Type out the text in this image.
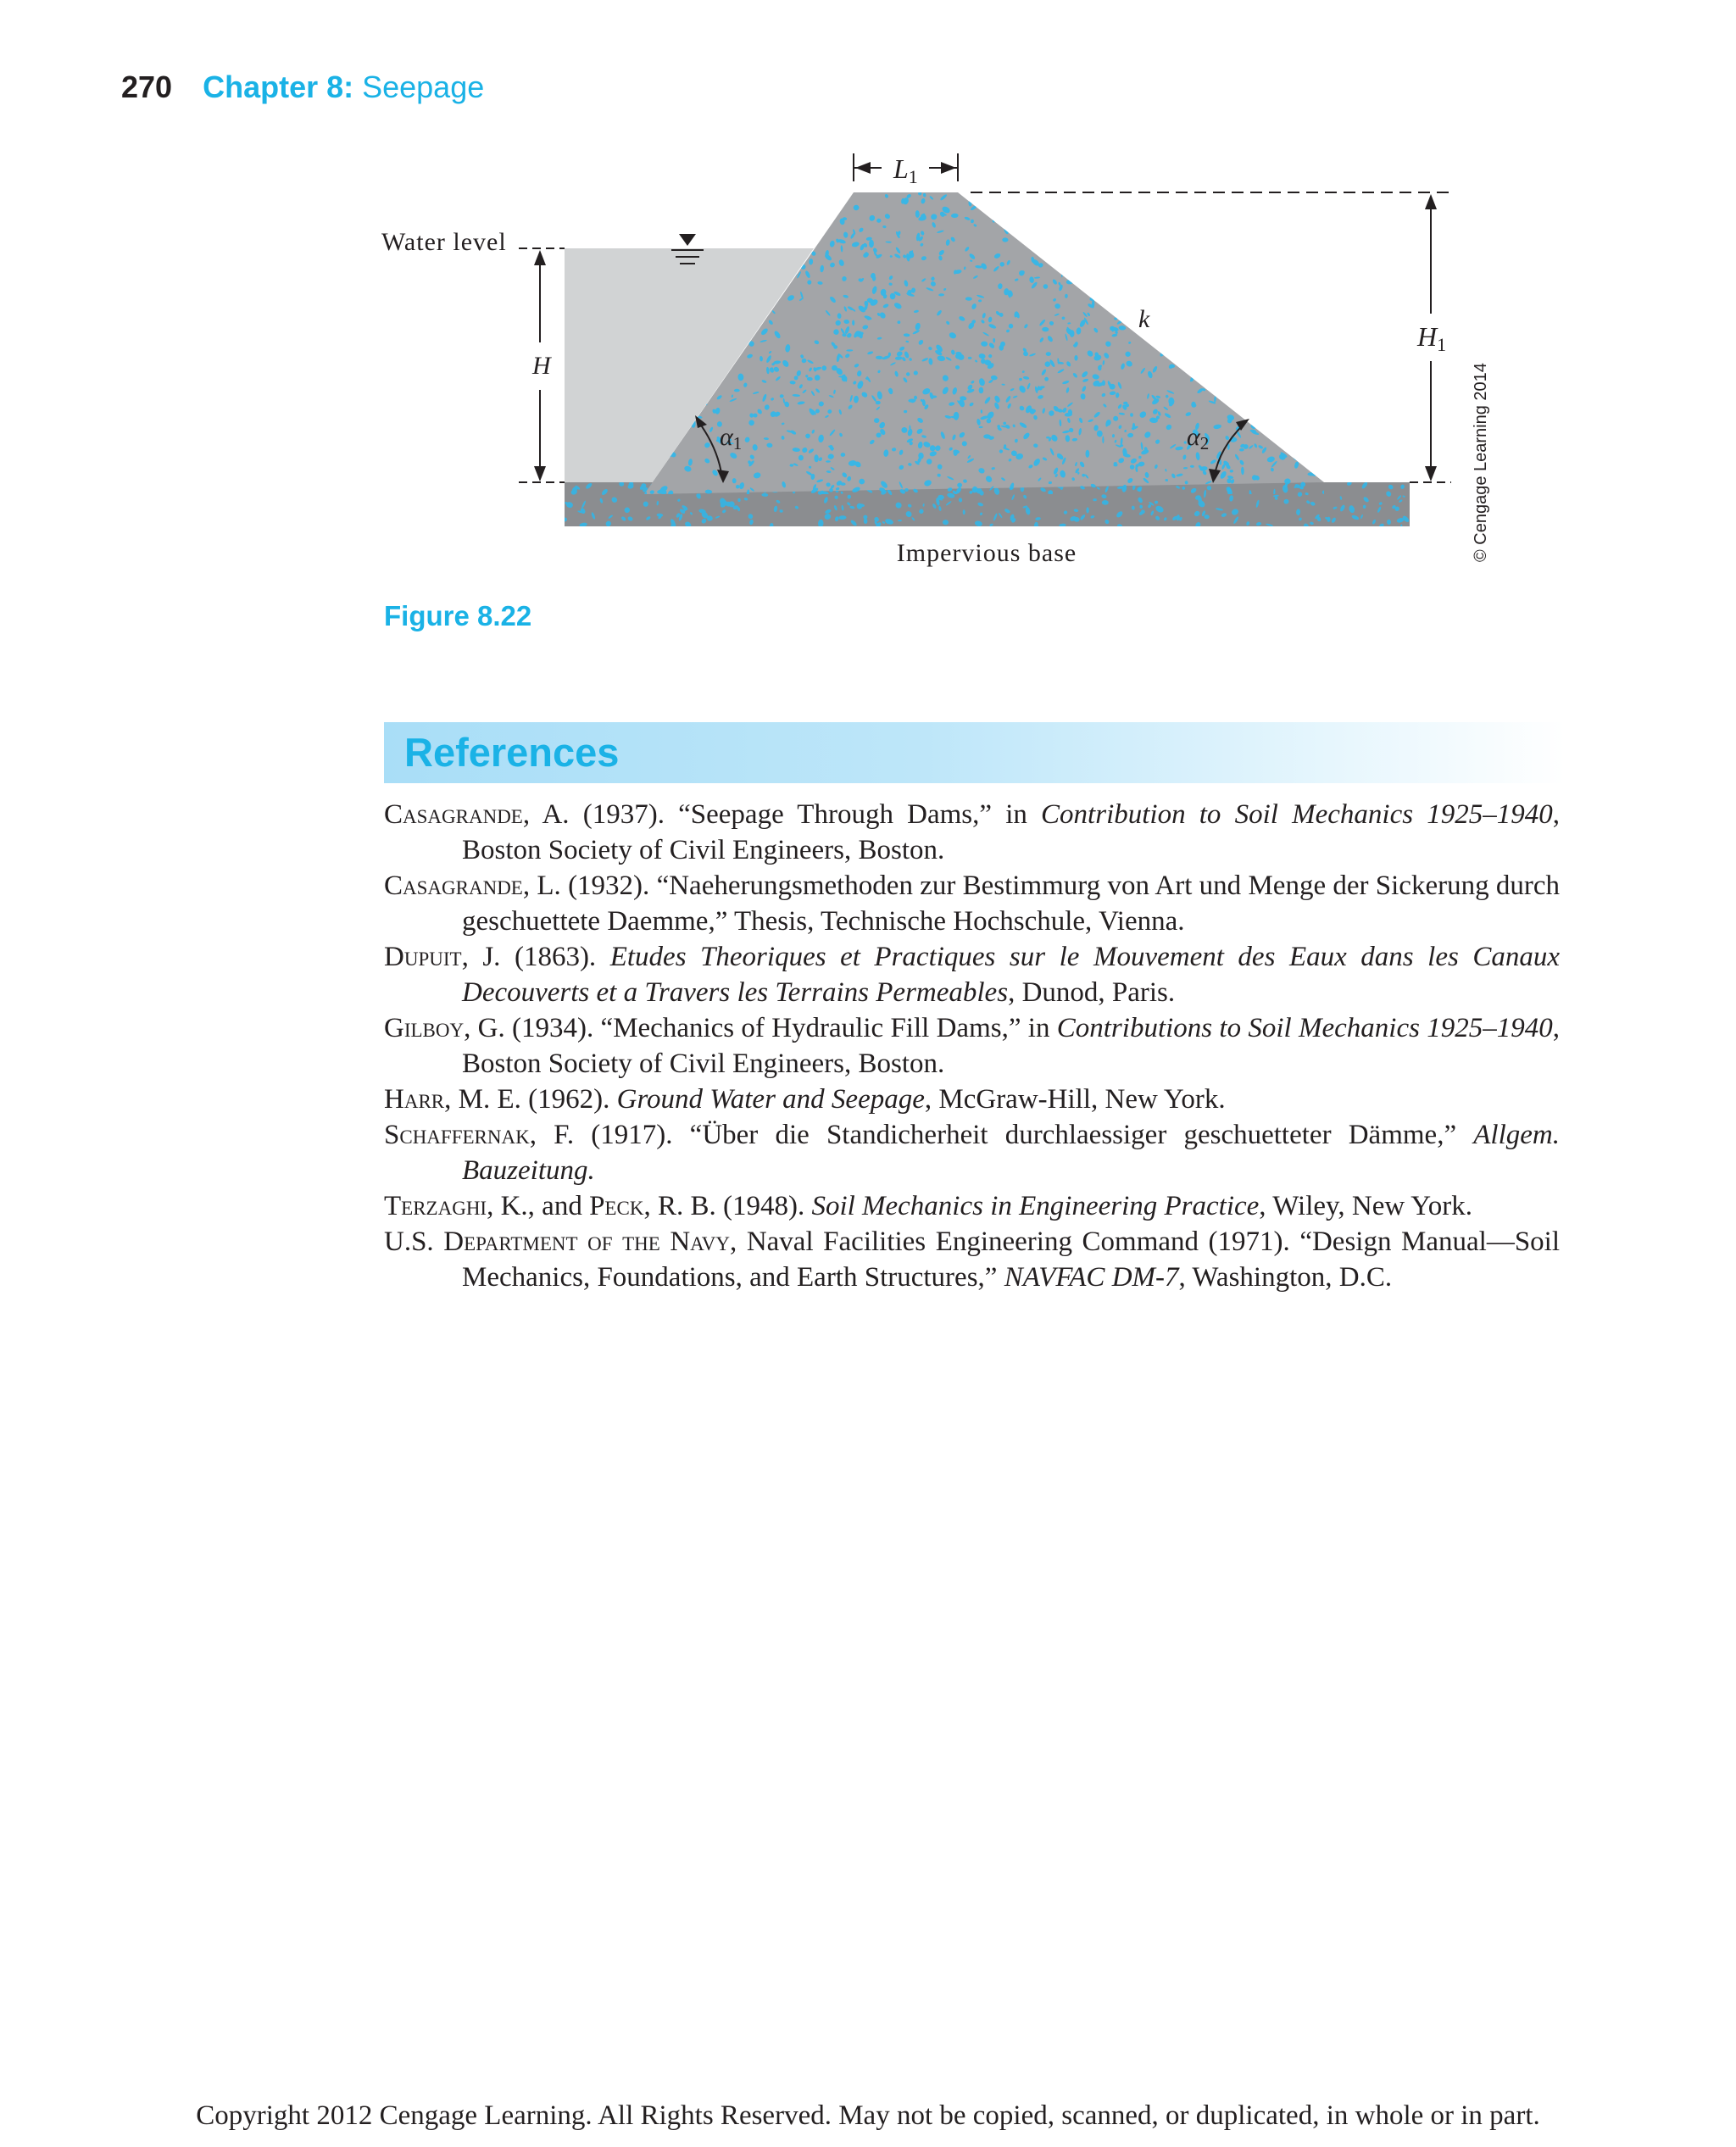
270 Chapter 8: Seepage
Water level
H
L1
H1
k
α1	α2
Impervious base	© Cengage Learning 2014
Figure 8.22
References
Casagrande, A. (1937). “Seepage Through Dams,” in Contribution to Soil Mechanics 1925–1940, Boston Society of Civil Engineers, Boston.
Casagrande, L. (1932). “Naeherungsmethoden zur Bestimmurg von Art und Menge der Sickerung durch geschuettete Daemme,” Thesis, Technische Hochschule, Vienna.
Dupuit, J. (1863). Etudes Theoriques et Practiques sur le Mouvement des Eaux dans les Canaux Decouverts et a Travers les Terrains Permeables, Dunod, Paris.
Gilboy, G. (1934). “Mechanics of Hydraulic Fill Dams,” in Contributions to Soil Mechanics 1925–1940, Boston Society of Civil Engineers, Boston.
Harr, M. E. (1962). Ground Water and Seepage, McGraw-Hill, New York.
Schaffernak, F. (1917). “Über die Standicherheit durchlaessiger geschuetteter Dämme,” Allgem. Bauzeitung.
Terzaghi, K., and Peck, R. B. (1948). Soil Mechanics in Engineering Practice, Wiley, New York.
U.S. Department of the Navy, Naval Facilities Engineering Command (1971). “Design Manual—Soil Mechanics, Foundations, and Earth Structures,” NAVFAC DM-7, Washington, D.C.
Copyright 2012 Cengage Learning. All Rights Reserved. May not be copied, scanned, or duplicated, in whole or in part.
